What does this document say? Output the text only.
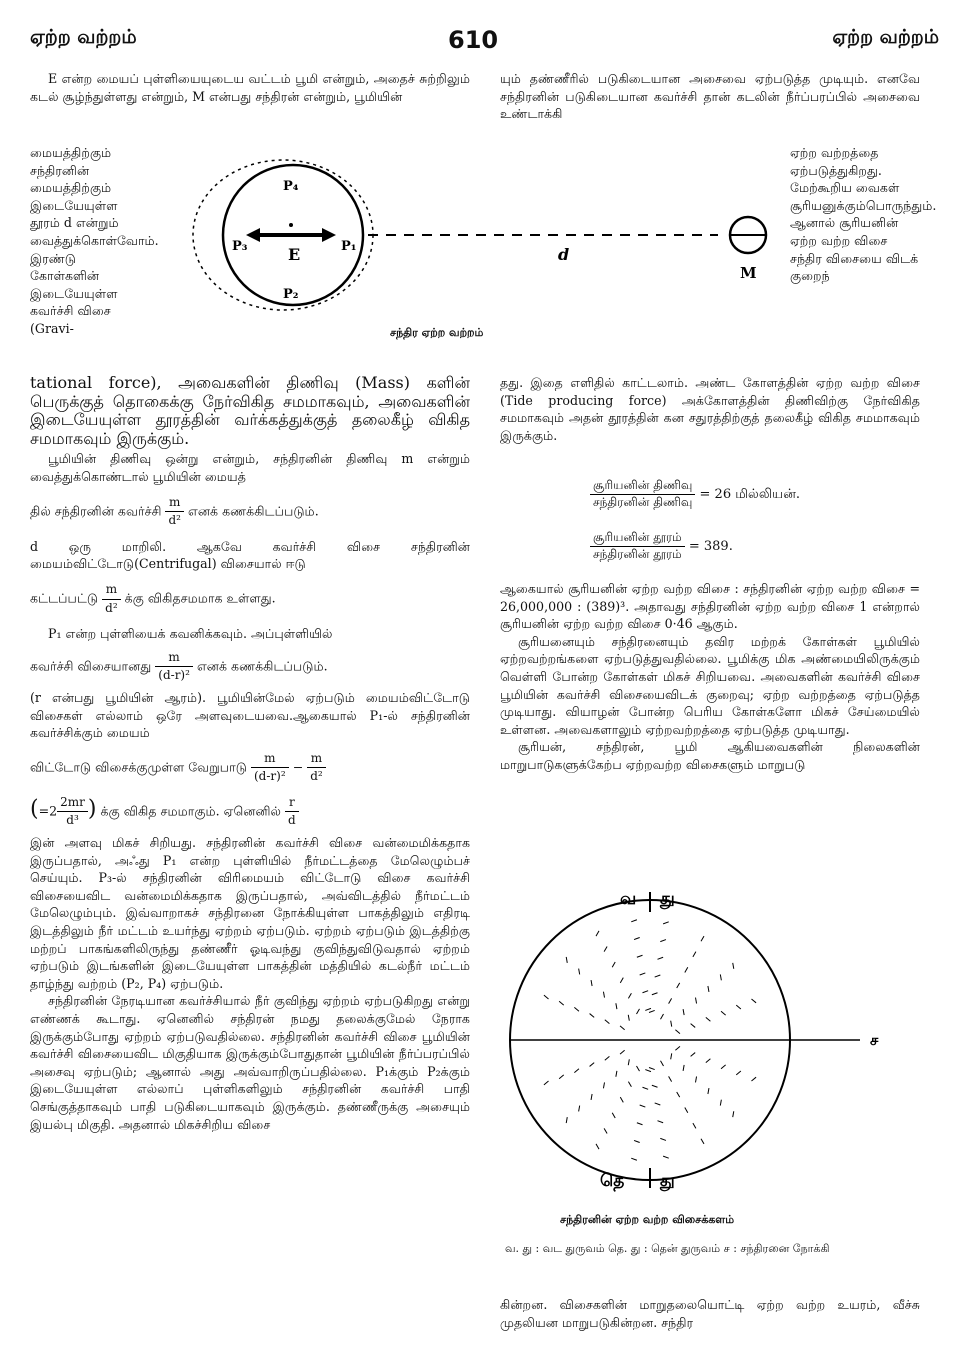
ஏற்ற வற்றம்	610	ஏற்ற வற்றம்

E என்ற மையப் புள்ளியையுடைய வட்டம் பூமி என்றும், அதைச் சுற்றிலும் கடல் சூழ்ந்துள்ளது என்றும், M என்பது சந்திரன் என்றும், பூமியின்

மையத்திற்கும் சந்திரனின் மையத்திற்கும் இடையேயுள்ள தூரம் d என்றும் வைத்துக்கொள்வோம். இரண்டு கோள்களின் இடையேயுள்ள கவர்ச்சி விசை (Gravi-

யும் தண்ணீரில் படுகிடையான அசைவை ஏற்படுத்த முடியும். எனவே சந்திரனின் படுகிடையான கவர்ச்சி தான் கடலின் நீர்ப்பரப்பில் அசைவை உண்டாக்கி

ஏற்ற வற்றத்தை ஏற்படுத்துகிறது. மேற்கூறிய வைகள் சூரியனுக்கும்பொருந்தும். ஆனால் சூரியனின் ஏற்ற வற்ற விசை சந்திர விசையை விடக் குறைந்

P₄
P₂
P₃	P₁
E	d
M
சந்திர ஏற்ற வற்றம்

tational force), அவைகளின் திணிவு (Mass) களின் பெருக்குத் தொகைக்கு நேர்விகித சமமாகவும், அவைகளின் இடையேயுள்ள தூரத்தின் வர்க்கத்துக்குத் தலைகீழ் விகித சமமாகவும் இருக்கும்.

பூமியின் திணிவு ஒன்று என்றும், சந்திரனின் திணிவு m என்றும் வைத்துக்கொண்டால் பூமியின் மையத்

தில் சந்திரனின் கவர்ச்சி $\frac{m}{\text{d²}}$ எனக் கணக்கிடப்படும்.

d ஒரு மாறிலி. ஆகவே கவர்ச்சி விசை சந்திரனின் மையம்விட்டோடு(Centrifugal) விசையால் ஈடு

கட்டப்பட்டு $\frac{m}{\text{d²}}$ க்கு விகிதசமமாக உள்ளது.

P₁ என்ற புள்ளியைக் கவனிக்கவும். அப்புள்ளியில்

கவர்ச்சி விசையானது $\frac{m}{\text{(d-r)²}}$ எனக் கணக்கிடப்படும்.

(r என்பது பூமியின் ஆரம்). பூமியின்மேல் ஏற்படும் மையம்விட்டோடு விசைகள் எல்லாம் ஒரே அளவுடையவை.ஆகையால் P₁-ல் சந்திரனின் கவர்ச்சிக்கும் மையம்

விட்டோடு விசைக்குமுள்ள வேறுபாடு $\frac{m}{\text{(d-r)²}} - \frac{m}{\text{d²}}$

($=2 \frac{2mr}{\text{d³}}$ ) க்கு விகித சமமாகும். ஏனெனில் $\frac{r}{d}$

இன் அளவு மிகச் சிறியது. சந்திரனின் கவர்ச்சி விசை வன்மைமிக்கதாக இருப்பதால், அஃது P₁ என்ற புள்ளியில் நீர்மட்டத்தை மேலெழும்பச் செய்யும். P₃-ல் சந்திரனின் விரிமையம் விட்டோடு விசை கவர்ச்சி விசையைவிட வன்மைமிக்கதாக இருப்பதால், அவ்விடத்தில் நீர்மட்டம் மேலெழும்பும். இவ்வாறாகச் சந்திரனை நோக்கியுள்ள பாகத்திலும் எதிரடி இடத்திலும் நீர் மட்டம் உயர்ந்து ஏற்றம் ஏற்படும். ஏற்றம் ஏற்படும் இடத்திற்கு மற்றப் பாகங்களிலிருந்து தண்ணீர் ஓடிவந்து குவிந்துவிடுவதால் ஏற்றம் ஏற்படும் இடங்களின் இடையேயுள்ள பாகத்தின் மத்தியில் கடல்நீர் மட்டம் தாழ்ந்து வற்றம் (P₂, P₄) ஏற்படும்.

சந்திரனின் நேரடியான கவர்ச்சியால் நீர் குவிந்து ஏற்றம் ஏற்படுகிறது என்று எண்ணக் கூடாது. ஏனெனில் சந்திரன் நமது தலைக்குமேல் நேராக இருக்கும்போது ஏற்றம் ஏற்படுவதில்லை. சந்திரனின் கவர்ச்சி விசை பூமியின் கவர்ச்சி விசையைவிட மிகுதியாக இருக்கும்போதுதான் பூமியின் நீர்ப்பரப்பில் அசைவு ஏற்படும்; ஆனால் அது அவ்வாறிருப்பதில்லை. P₁க்கும் P₂க்கும் இடையேயுள்ள எல்லாப் புள்ளிகளிலும் சந்திரனின் கவர்ச்சி பாதி செங்குத்தாகவும் பாதி படுகிடையாகவும் இருக்கும். தண்ணீருக்கு அசையும் இயல்பு மிகுதி. அதனால் மிகச்சிறிய விசை

தது. இதை எளிதில் காட்டலாம். அண்ட கோளத்தின் ஏற்ற வற்ற விசை (Tide producing force) அக்கோளத்தின் திணிவிற்கு நேர்விகித சமமாகவும் அதன் தூரத்தின் கன சதுரத்திற்குத் தலைகீழ் விகித சமமாகவும் இருக்கும்.

$\frac{\text{சூரியனின் திணிவு}}{\text{சந்திரனின் திணிவு}} = 26$ மில்லியன்.
$\frac{\text{சூரியனின் தூரம்}}{\text{சந்திரனின் தூரம்}} = 389$.

ஆகையால் சூரியனின் ஏற்ற வற்ற விசை : சந்திரனின் ஏற்ற வற்ற விசை = 26,000,000 : (389)³. அதாவது சந்திரனின் ஏற்ற வற்ற விசை 1 என்றால் சூரியனின் ஏற்ற வற்ற விசை 0·46 ஆகும்.

சூரியனையும் சந்திரனையும் தவிர மற்றக் கோள்கள் பூமியில் ஏற்றவற்றங்களை ஏற்படுத்துவதில்லை. பூமிக்கு மிக அண்மையிலிருக்கும் வெள்ளி போன்ற கோள்கள் மிகச் சிறியவை. அவைகளின் கவர்ச்சி விசை பூமியின் கவர்ச்சி விசையைவிடக் குறைவு; ஏற்ற வற்றத்தை ஏற்படுத்த முடியாது. வியாழன் போன்ற பெரிய கோள்களோ மிகச் சேய்மையில் உள்ளன. அவைகளாலும் ஏற்றவற்றத்தை ஏற்படுத்த முடியாது.

சூரியன், சந்திரன், பூமி ஆகியவைகளின் நிலைகளின் மாறுபாடுகளுக்கேற்ப ஏற்றவற்ற விசைகளும் மாறுபடு

வ து
தெ து
ச
சந்திரனின் ஏற்ற வற்ற விசைக்களம்
வ. து : வட துருவம் தெ. து : தென் துருவம் ச : சந்திரனை நோக்கி

கின்றன. விசைகளின் மாறுதலையொட்டி ஏற்ற வற்ற உயரம், வீச்சு முதலியன மாறுபடுகின்றன. சந்திர
